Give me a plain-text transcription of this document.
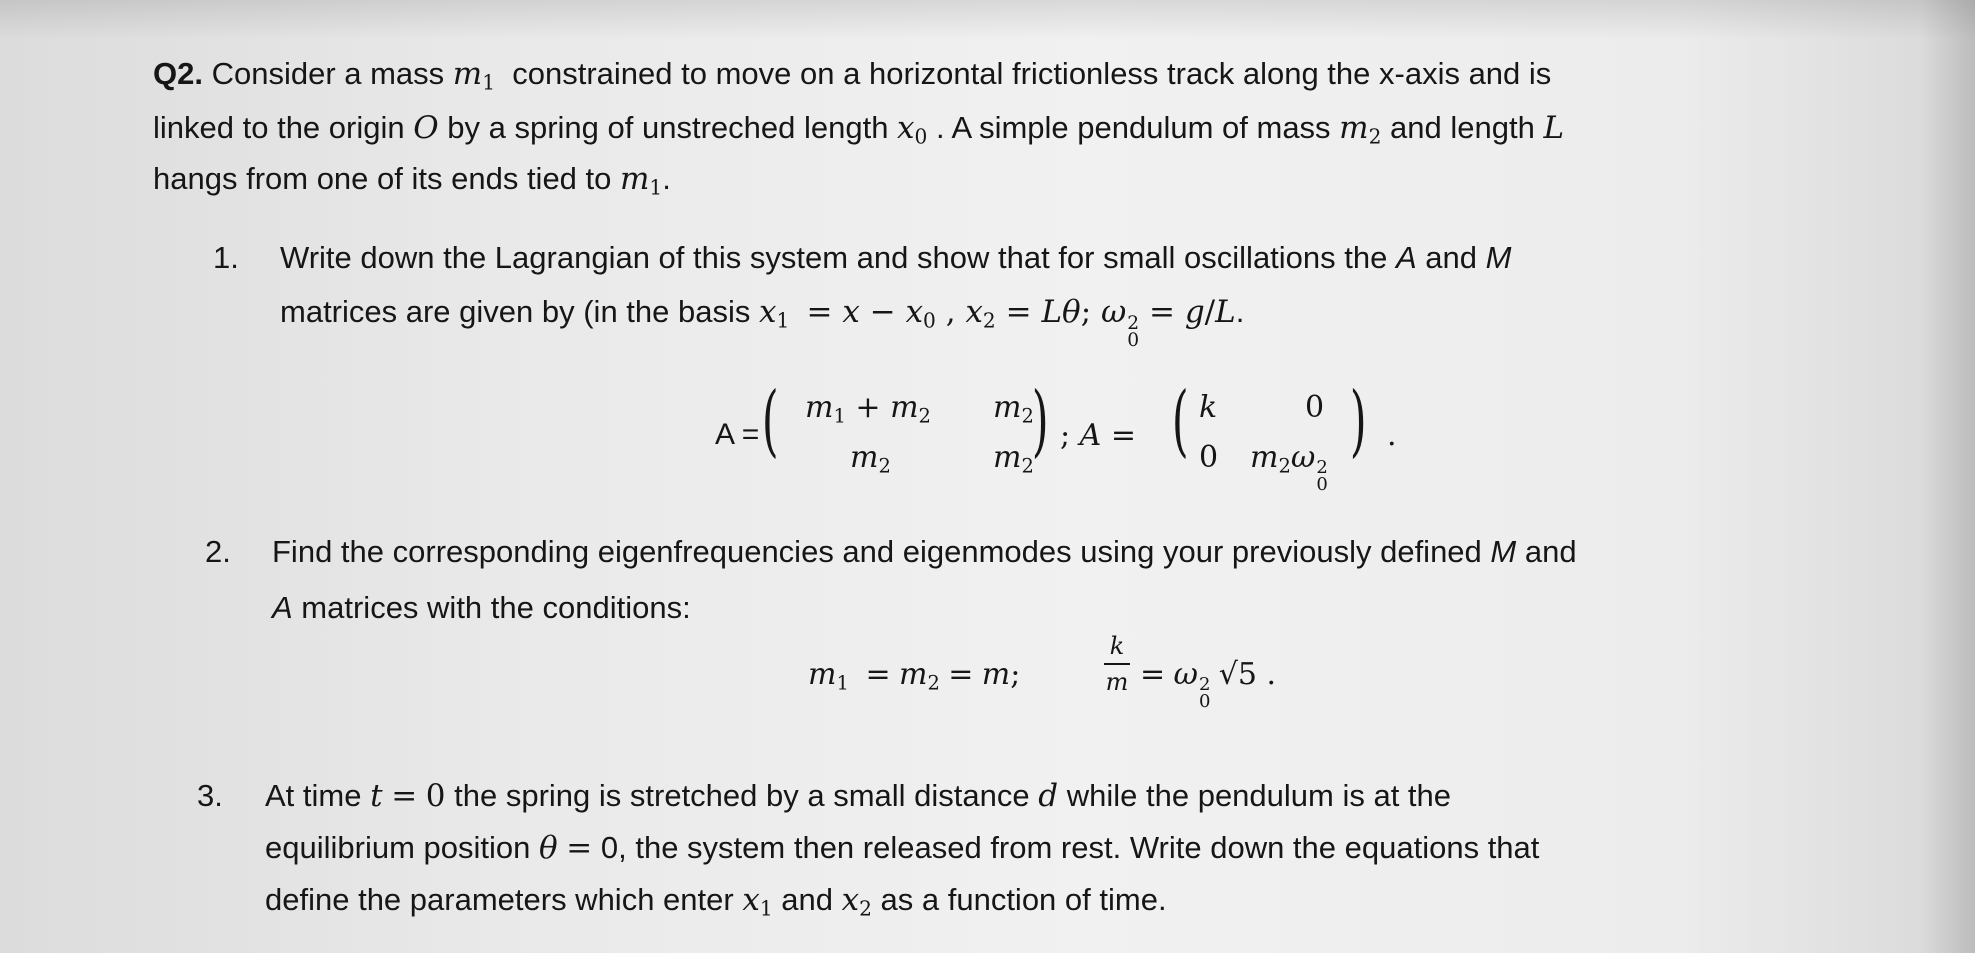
Q2. Consider a mass $m_1$  constrained to move on a horizontal frictionless track along the x-axis and is
linked to the origin O by a spring of unstreched length $x_0$ . A simple pendulum of mass $m_2$ and length L
hangs from one of its ends tied to $m_1$.
1. Write down the Lagrangian of this system and show that for small oscillations the A and M
matrices are given by (in the basis $x_1 = x - x_0$ , $x_2 = L\theta$; ω 2
0
= g/L.
A = ( $m_1 + m_2$ $m_2$
$m_2$	$m_2$
) ; A = ( k	0
0 $m_2\omega$ 2
0
) .
2. Find the corresponding eigenfrequencies and eigenmodes using your previously defined M and
A matrices with the conditions:
$m_1 = m_2 = m$;
k
m = ω 2
0
√5 .
3. At time t = 0 the spring is stretched by a small distance d while the pendulum is at the
equilibrium position θ = 0, the system then released from rest. Write down the equations that
define the parameters which enter $x_1$ and $x_2$ as a function of time.
